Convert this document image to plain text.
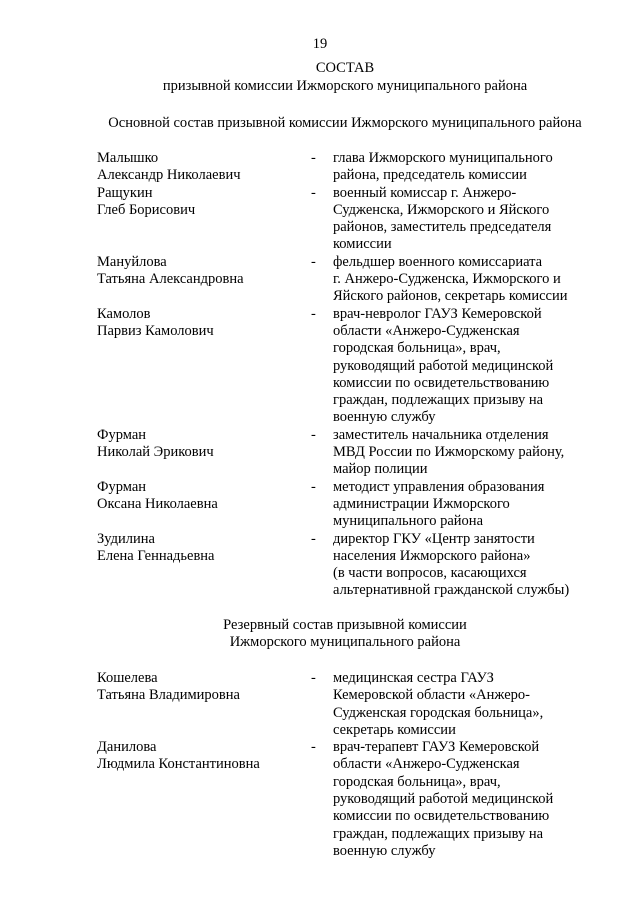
19
СОСТАВ
призывной комиссии Ижморского муниципального района
Основной состав призывной комиссии Ижморского муниципального района
Малышко
Александр Николаевич
- глава Ижморского муниципального
района, председатель комиссии
Ращукин
Глеб Борисович
- военный комиссар г. Анжеро-
Судженска, Ижморского и Яйского
районов, заместитель председателя
комиссии
Мануйлова
Татьяна Александровна
- фельдшер военного комиссариата
г. Анжеро-Судженска, Ижморского и
Яйского районов, секретарь комиссии
Камолов
Парвиз Камолович
- врач-невролог ГАУЗ Кемеровской
области «Анжеро-Судженская
городская больница», врач,
руководящий работой медицинской
комиссии по освидетельствованию
граждан, подлежащих призыву на
военную службу
Фурман
Николай Эрикович
- заместитель начальника отделения
МВД России по Ижморскому району,
майор полиции
Фурман
Оксана Николаевна
- методист управления образования
администрации Ижморского
муниципального района
Зудилина
Елена Геннадьевна
- директор ГКУ «Центр занятости
населения Ижморского района»
(в части вопросов, касающихся
альтернативной гражданской службы)
Резервный состав призывной комиссии
Ижморского муниципального района
Кошелева
Татьяна Владимировна
- медицинская сестра ГАУЗ
Кемеровской области «Анжеро-
Судженская городская больница»,
секретарь комиссии
Данилова
Людмила Константиновна
- врач-терапевт ГАУЗ Кемеровской
области «Анжеро-Судженская
городская больница», врач,
руководящий работой медицинской
комиссии по освидетельствованию
граждан, подлежащих призыву на
военную службу
